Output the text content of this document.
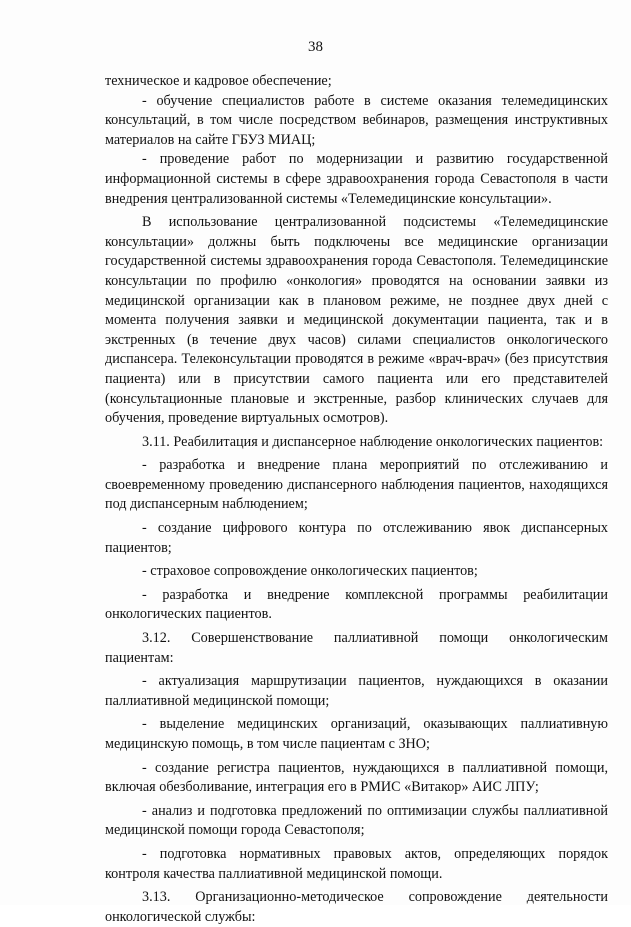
38

техническое и кадровое обеспечение;

- обучение специалистов работе в системе оказания телемедицинских консультаций, в том числе посредством вебинаров, размещения инструктивных материалов на сайте ГБУЗ МИАЦ;

- проведение работ по модернизации и развитию государственной информационной системы в сфере здравоохранения города Севастополя в части внедрения централизованной системы «Телемедицинские консультации».

В использование централизованной подсистемы «Телемедицинские консультации» должны быть подключены все медицинские организации государственной системы здравоохранения города Севастополя. Телемедицинские консультации по профилю «онкология» проводятся на основании заявки из медицинской организации как в плановом режиме, не позднее двух дней с момента получения заявки и медицинской документации пациента, так и в экстренных (в течение двух часов) силами специалистов онкологического диспансера. Телеконсультации проводятся в режиме «врач-врач» (без присутствия пациента) или в присутствии самого пациента или его представителей (консультационные плановые и экстренные, разбор клинических случаев для обучения, проведение виртуальных осмотров).

3.11. Реабилитация и диспансерное наблюдение онкологических пациентов:

- разработка и внедрение плана мероприятий по отслеживанию и своевременному проведению диспансерного наблюдения пациентов, находящихся под диспансерным наблюдением;

- создание цифрового контура по отслеживанию явок диспансерных пациентов;

- страховое сопровождение онкологических пациентов;

- разработка и внедрение комплексной программы реабилитации онкологических пациентов.

3.12. Совершенствование паллиативной помощи онкологическим пациентам:

- актуализация маршрутизации пациентов, нуждающихся в оказании паллиативной медицинской помощи;

- выделение медицинских организаций, оказывающих паллиативную медицинскую помощь, в том числе пациентам с ЗНО;

- создание регистра пациентов, нуждающихся в паллиативной помощи, включая обезболивание, интеграция его в РМИС «Витакор» АИС ЛПУ;

- анализ и подготовка предложений по оптимизации службы паллиативной медицинской помощи города Севастополя;

- подготовка нормативных правовых актов, определяющих порядок контроля качества паллиативной медицинской помощи.

3.13. Организационно-методическое сопровождение деятельности онкологической службы:
